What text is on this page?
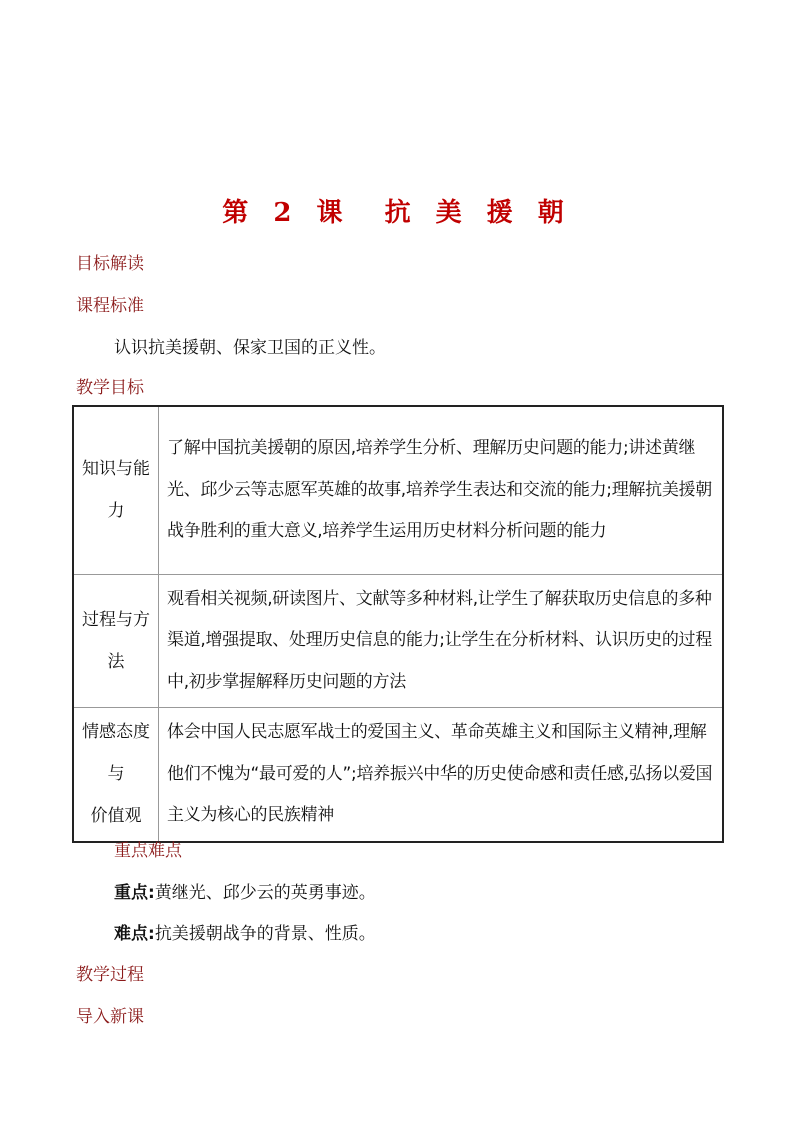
第 2 课  抗 美 援 朝
目标解读
课程标准
认识抗美援朝、保家卫国的正义性。
教学目标
知识与能
力	了解中国抗美援朝的原因,培养学生分析、理解历史问题的能力;讲述黄继光、邱少云等志愿军英雄的故事,培养学生表达和交流的能力;理解抗美援朝战争胜利的重大意义,培养学生运用历史材料分析问题的能力

过程与方
法	观看相关视频,研读图片、文献等多种材料,让学生了解获取历史信息的多种渠道,增强提取、处理历史信息的能力;让学生在分析材料、认识历史的过程中,初步掌握解释历史问题的方法

情感态度
与
价值观	体会中国人民志愿军战士的爱国主义、革命英雄主义和国际主义精神,理解他们不愧为“最可爱的人”;培养振兴中华的历史使命感和责任感,弘扬以爱国主义为核心的民族精神
重点难点
重点:黄继光、邱少云的英勇事迹。
难点:抗美援朝战争的背景、性质。
教学过程
导入新课
